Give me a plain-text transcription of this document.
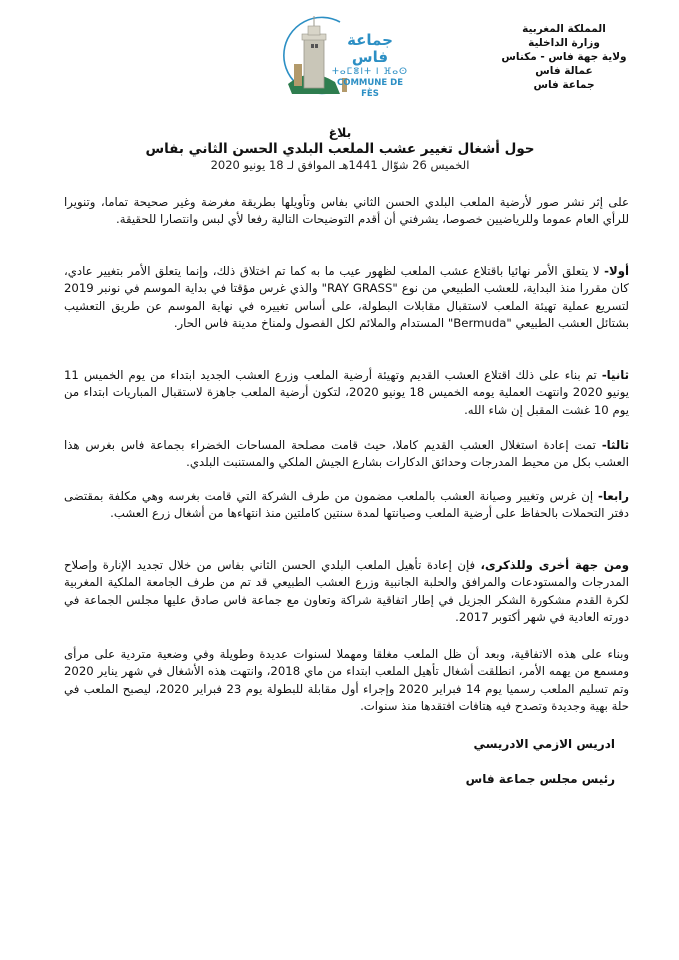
المملكة المغربية
وزارة الداخلية
ولاية جهة فاس - مكناس
عمالة فاس
جماعة فاس
جماعة فاس
ⵜⴰⵎⴻⵏⵜ ⵏ ⴼⴰⵙ
COMMUNE DE FÈS
بلاغ
حول أشغال تغيير عشب الملعب البلدي الحسن الثاني بفاس
الخميس 26 شوّال 1441هـ الموافق لـ 18 يونيو 2020
على إثر نشر صور لأرضية الملعب البلدي الحسن الثاني بفاس وتأويلها بطريقة مغرضة وغير صحيحة تماما، وتنويرا للرأي العام عموما وللرياضيين خصوصا، يشرفني أن أقدم التوضيحات التالية رفعا لأي لبس وانتصارا للحقيقة.
أولا- لا يتعلق الأمر نهائيا باقتلاع عشب الملعب لظهور عيب ما به كما تم اختلاق ذلك، وإنما يتعلق الأمر بتغيير عادي، كان مقررا منذ البداية، للعشب الطبيعي من نوع "RAY GRASS" والذي غرس مؤقتا في بداية الموسم في نونبر 2019 لتسريع عملية تهيئة الملعب لاستقبال مقابلات البطولة، على أساس تغييره في نهاية الموسم عن طريق التعشيب بشتائل العشب الطبيعي "Bermuda" المستدام والملائم لكل الفصول ولمناخ مدينة فاس الحار.
ثانيا- تم بناء على ذلك اقتلاع العشب القديم وتهيئة أرضية الملعب وزرع العشب الجديد ابتداء من يوم الخميس 11 يونيو 2020 وانتهت العملية يومه الخميس 18 يونيو 2020، لتكون أرضية الملعب جاهزة لاستقبال المباريات ابتداء من يوم 10 غشت المقبل إن شاء الله.
ثالثا- تمت إعادة استغلال العشب القديم كاملا، حيث قامت مصلحة المساحات الخضراء بجماعة فاس بغرس هذا العشب بكل من محيط المدرجات وحدائق الدكارات بشارع الجيش الملكي والمستنبت البلدي.
رابعا- إن غرس وتغيير وصيانة العشب بالملعب مضمون من طرف الشركة التي قامت بغرسه وهي مكلفة بمقتضى دفتر التحملات بالحفاظ على أرضية الملعب وصيانتها لمدة سنتين كاملتين منذ انتهاءها من أشغال زرع العشب.
ومن جهة أخرى وللذكرى، فإن إعادة تأهيل الملعب البلدي الحسن الثاني بفاس من خلال تجديد الإنارة وإصلاح المدرجات والمستودعات والمرافق والحلبة الجانبية وزرع العشب الطبيعي قد تم من طرف الجامعة الملكية المغربية لكرة القدم مشكورة الشكر الجزيل في إطار اتفاقية شراكة وتعاون مع جماعة فاس صادق عليها مجلس الجماعة في دورته العادية في شهر أكتوبر 2017.
وبناء على هذه الاتفاقية، وبعد أن ظل الملعب مغلقا ومهملا لسنوات عديدة وطويلة وفي وضعية متردية على مرأى ومسمع من يهمه الأمر، انطلقت أشغال تأهيل الملعب ابتداء من ماي 2018، وانتهت هذه الأشغال في شهر يناير 2020 وتم تسليم الملعب رسميا يوم 14 فبراير 2020 وإجراء أول مقابلة للبطولة يوم 23 فبراير 2020، ليصبح الملعب في حلة بهية وجديدة وتصدح فيه هتافات افتقدها منذ سنوات.
ادريس الازمي الادريسي
رئيس مجلس جماعة فاس
